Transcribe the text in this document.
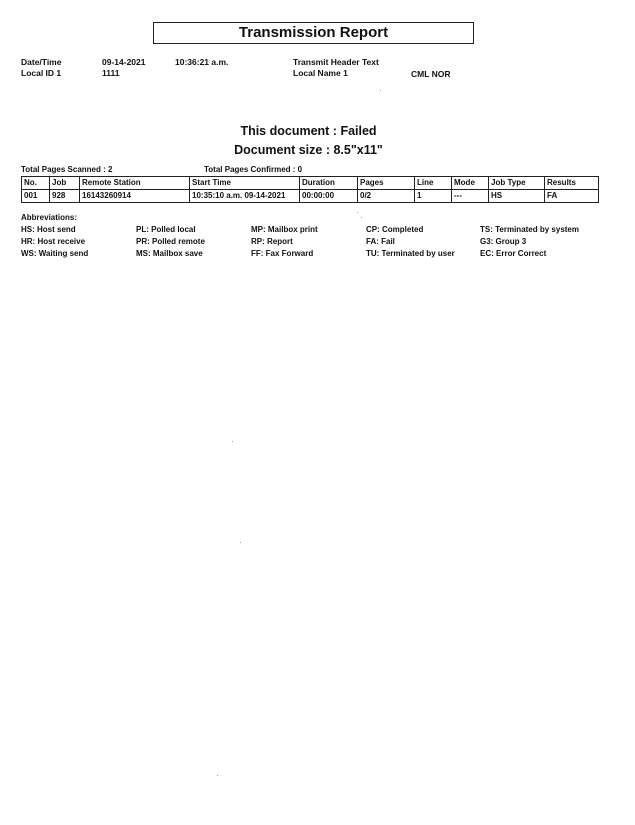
Transmission Report
Date/Time	09-14-2021	10:36:21 a.m.	Transmit Header Text
Local ID 1	1111	Local Name 1	CML NOR
This document : Failed
Document size : 8.5"x11"
Total Pages Scanned : 2	Total Pages Confirmed : 0
No.	Job	Remote Station	Start Time	Duration	Pages	Line	Mode	Job Type	Results
001	928	16143260914	10:35:10 a.m. 09-14-2021	00:00:00	0/2	1	---	HS	FA
Abbreviations:
HS: Host send
HR: Host receive
WS: Waiting send
PL: Polled local
PR: Polled remote
MS: Mailbox save
MP: Mailbox print
RP: Report
FF: Fax Forward
CP: Completed
FA: Fail
TU: Terminated by user
TS: Terminated by system
G3: Group 3
EC: Error Correct
